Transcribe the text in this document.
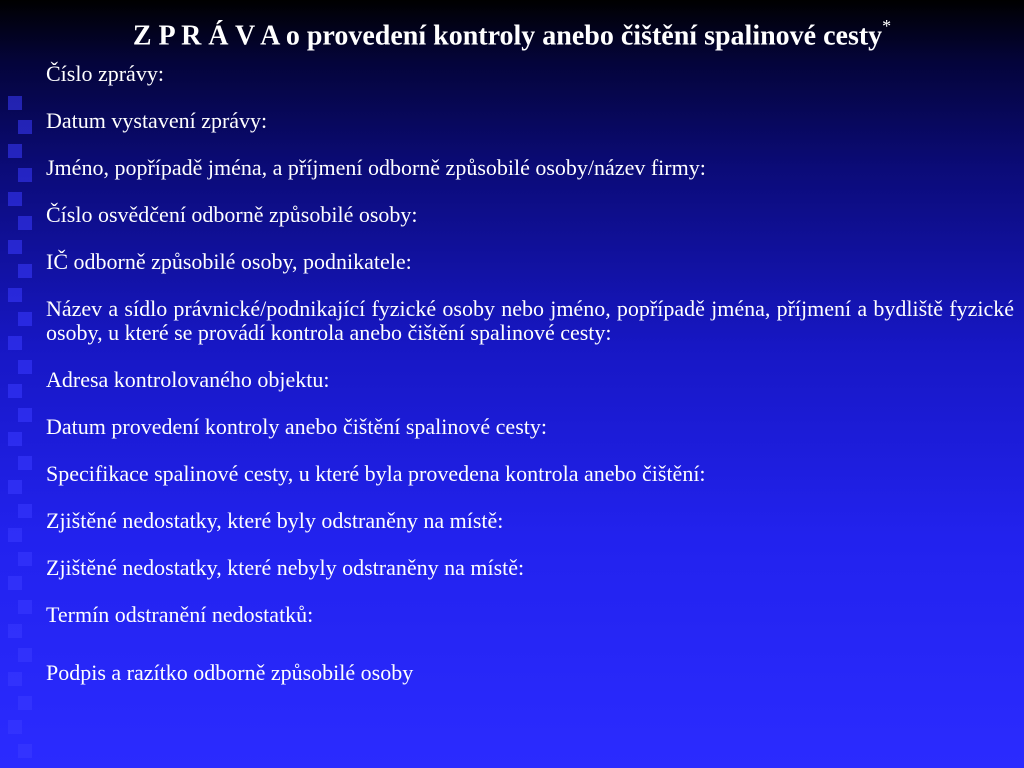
Z P R Á V A o provedení kontroly anebo čištění spalinové cesty*

Číslo zprávy:

Datum vystavení zprávy:

Jméno, popřípadě jména, a příjmení odborně způsobilé osoby/název firmy:

Číslo osvědčení odborně způsobilé osoby:

IČ odborně způsobilé osoby, podnikatele:

Název a sídlo právnické/podnikající fyzické osoby nebo jméno, popřípadě jména, příjmení a bydliště fyzické osoby, u které se provádí kontrola anebo čištění spalinové cesty:

Adresa kontrolovaného objektu:

Datum provedení kontroly anebo čištění spalinové cesty:

Specifikace spalinové cesty, u které byla provedena kontrola anebo čištění:

Zjištěné nedostatky, které byly odstraněny na místě:

Zjištěné nedostatky, které nebyly odstraněny na místě:

Termín odstranění nedostatků:

Podpis a razítko odborně způsobilé osoby
